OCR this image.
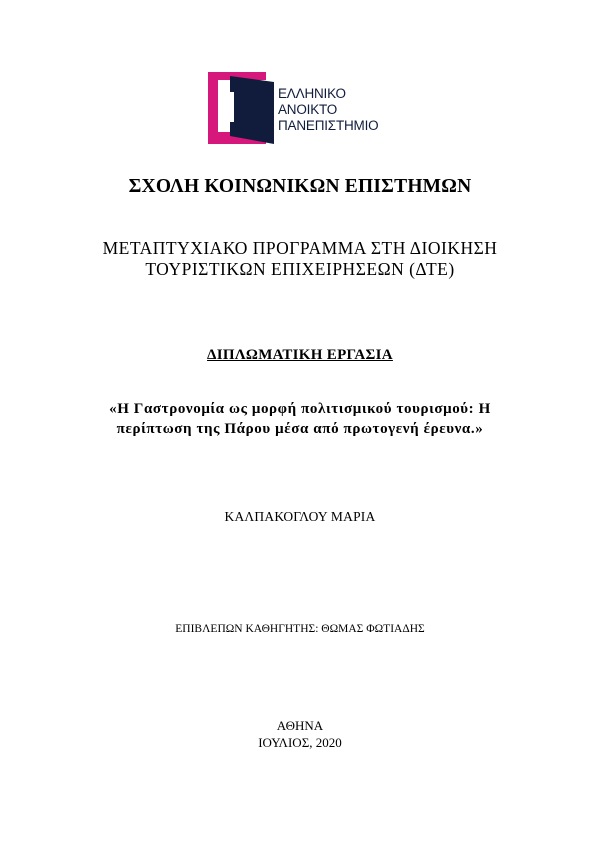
ΕΛΛΗΝΙΚΟ
ΑΝΟΙΚΤΟ
ΠΑΝΕΠΙΣΤΗΜΙΟ
ΣΧΟΛΗ ΚΟΙΝΩΝΙΚΩΝ ΕΠΙΣΤΗΜΩΝ
ΜΕΤΑΠΤΥΧΙΑΚΟ ΠΡΟΓΡΑΜΜΑ ΣΤΗ ΔΙΟΙΚΗΣΗ
ΤΟΥΡΙΣΤΙΚΩΝ ΕΠΙΧΕΙΡΗΣΕΩΝ (ΔΤΕ)
ΔΙΠΛΩΜΑΤΙΚΗ ΕΡΓΑΣΙΑ
«Η Γαστρονομία ως μορφή πολιτισμικού τουρισμού: Η
περίπτωση της Πάρου μέσα από πρωτογενή έρευνα.»
ΚΑΛΠΑΚΟΓΛΟΥ ΜΑΡΙΑ
ΕΠΙΒΛΕΠΩΝ ΚΑΘΗΓΗΤΗΣ: ΘΩΜΑΣ ΦΩΤΙΑΔΗΣ
ΑΘΗΝΑ
ΙΟΥΛΙΟΣ, 2020
